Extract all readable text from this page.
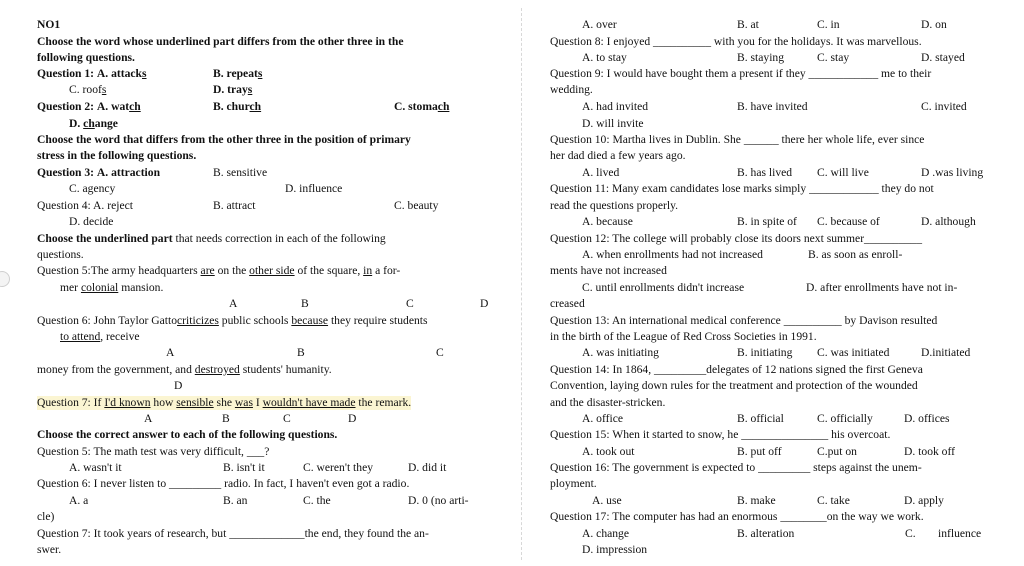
NO1
Choose the word whose underlined part differs from the other three in the
following questions.
Question 1: A. attacks	B. repeats
C. roofs	D. trays
Question 2: A. watch	B. church	C. stomach
D. change
Choose the word that differs from the other three in the position of primary
stress in the following questions.
Question 3: A. attraction	B. sensitive
C. agency	D. influence
Question 4: A. reject	B. attract	C. beauty
D. decide
Choose the underlined part that needs correction in each of the following
questions.
Question 5:The army headquarters are on the other side of the square, in a for-
mer colonial mansion.
A	B	C	D
Question 6: John Taylor Gattocriticizes public schools because they require students
to attend, receive
A	B	C
money from the government, and destroyed students' humanity.
D
Question 7: If I'd known how sensible she was I wouldn't have made the remark.
A	B	C	D
Choose the correct answer to each of the following questions.
Question 5: The math test was very difficult, ___?
A. wasn't it	B. isn't it	C. weren't they	D. did it
Question 6: I never listen to _________ radio. In fact, I haven't even got a radio.
A. a	B. an	C. the	D. 0 (no arti-
cle)
Question 7: It took years of research, but _____________the end, they found the an-
swer.
A. over	B. at	C. in	D. on
Question 8: I enjoyed __________ with you for the holidays. It was marvellous.
A. to stay	B. staying	C. stay	D. stayed
Question 9: I would have bought them a present if they ____________ me to their
wedding.
A. had invited	B. have invited	C. invited
D. will invite
Question 10: Martha lives in Dublin. She ______ there her whole life, ever since
her dad died a few years ago.
A. lived	B. has lived C. will live	D .was living
Question 11: Many exam candidates lose marks simply ____________ they do not
read the questions properly.
A. because	B. in spite of C. because of	D. although
Question 12: The college will probably close its doors next summer__________
A. when enrollments had not increased	B. as soon as enroll-
ments have not increased
C. until enrollments didn't increase	D. after enrollments have not in-
creased
Question 13: An international medical conference __________ by Davison resulted
in the birth of the League of Red Cross Societies in 1991.
A. was initiating	B. initiating C. was initiated	D.initiated
Question 14: In 1864, _________delegates of 12 nations signed the first Geneva
Convention, laying down rules for the treatment and protection of the wounded
and the disaster-stricken.
A. office	B. official	C. officially	D. offices
Question 15: When it started to snow, he _______________ his overcoat.
A. took out	B. put off	C.put on	D. took off
Question 16: The government is expected to _________ steps against the unem-
ployment.
A. use	B. make	C. take	D. apply
Question 17: The computer has had an enormous ________on the way we work.
A. change	B. alteration	C. influence
D. impression
